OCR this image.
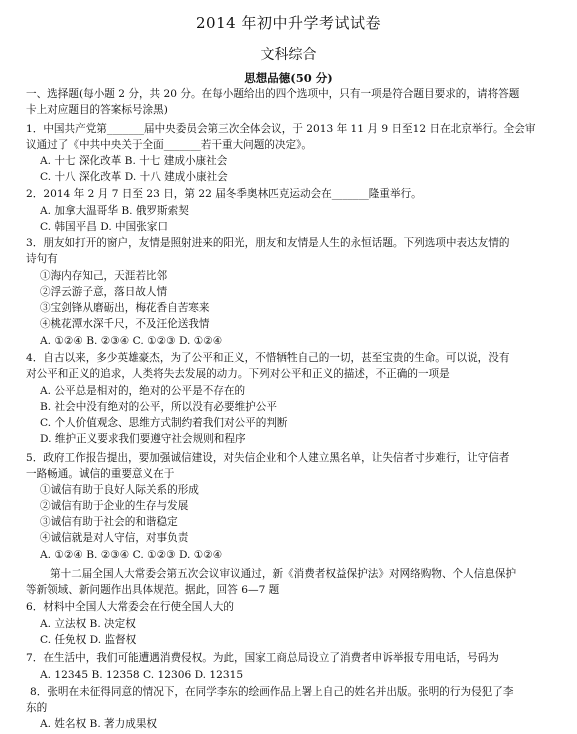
2014 年初中升学考试试卷
文科综合
思想品德(50 分)
一、选择题(每小题 2 分，共 20 分。在每小题给出的四个选项中，只有一项是符合题目要求的，请将答题
卡上对应题目的答案标号涂黑)
1．中国共产党第_______届中央委员会第三次全体会议，于 2013 年 11 月 9 日至12 日在北京举行。全会审
议通过了《中共中央关于全面_______若干重大问题的决定》。
A. 十七 深化改革 B. 十七 建成小康社会
C. 十八 深化改革 D. 十八 建成小康社会
2．2014 年 2 月 7 日至 23 日，第 22 届冬季奥林匹克运动会在_______隆重举行。
A. 加拿大温哥华 B. 俄罗斯索契
C. 韩国平昌 D. 中国张家口
3．朋友如打开的窗户，友情是照射进来的阳光，朋友和友情是人生的永恒话题。下列选项中表达友情的
诗句有
①海内存知己，天涯若比邻
②浮云游子意，落日故人情
③宝剑锋从磨砺出，梅花香自苦寒来
④桃花潭水深千尺，不及汪伦送我情
A. ①②④ B. ②③④ C. ①②③ D. ①②④
4．自古以来，多少英雄豪杰，为了公平和正义，不惜牺牲自己的一切，甚至宝贵的生命。可以说，没有
对公平和正义的追求，人类将失去发展的动力。下列对公平和正义的描述，不正确的一项是
A. 公平总是相对的，绝对的公平是不存在的
B. 社会中没有绝对的公平，所以没有必要维护公平
C. 个人价值观念、思维方式制约着我们对公平的判断
D. 维护正义要求我们要遵守社会规则和程序
5．政府工作报告提出，要加强诚信建设，对失信企业和个人建立黑名单，让失信者寸步难行，让守信者
一路畅通。诚信的重要意义在于
①诚信有助于良好人际关系的形成
②诚信有助于企业的生存与发展
③诚信有助于社会的和谐稳定
④诚信就是对人守信，对事负责
A. ①②④ B. ②③④ C. ①②③ D. ①②④
第十二届全国人大常委会第五次会议审议通过，新《消费者权益保护法》对网络购物、个人信息保护
等新领域、新问题作出具体规范。据此，回答 6—7 题
6．材料中全国人大常委会在行使全国人大的
A. 立法权 B. 决定权
C. 任免权 D. 监督权
7．在生活中，我们可能遭遇消费侵权。为此，国家工商总局设立了消费者申诉举报专用电话，号码为
A. 12345 B. 12358 C. 12306 D. 12315
8．张明在未征得同意的情况下，在同学李东的绘画作品上署上自己的姓名并出版。张明的行为侵犯了李
东的
A. 姓名权 B. 著力成果权
